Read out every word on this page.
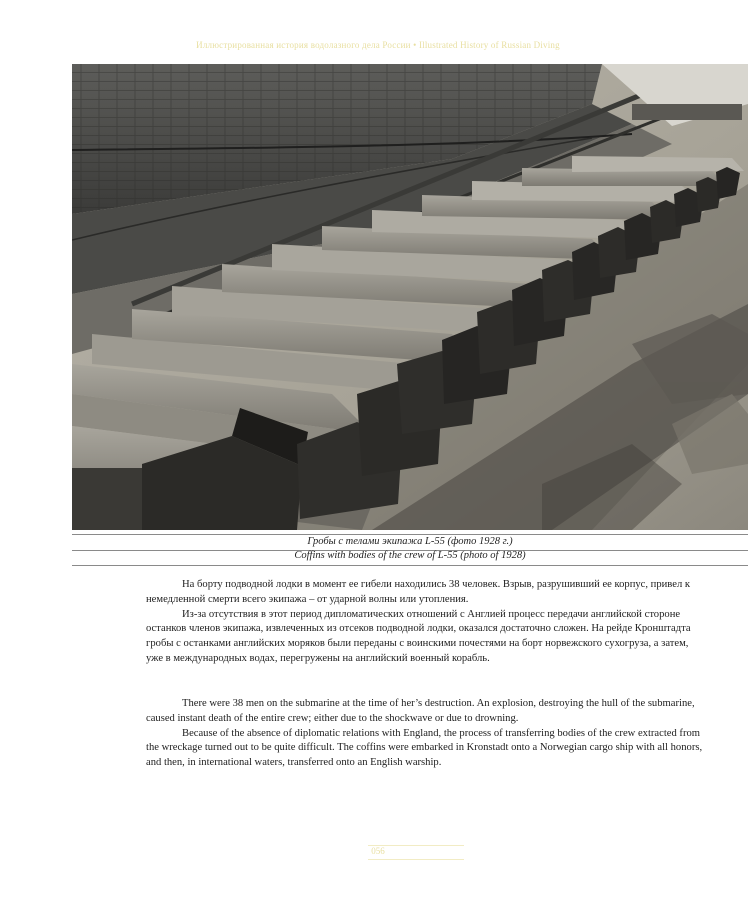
Иллюстрированная история водолазного дела России • Illustrated History of Russian Diving
Гробы с телами экипажа L-55 (фото 1928 г.)
Coffins with bodies of the crew of L-55 (photo of 1928)

На борту подводной лодки в момент ее гибели находились 38 человек. Взрыв, разрушивший ее корпус, привел к немедленной смерти всего экипажа – от ударной волны или утопления.

Из-за отсутствия в этот период дипломатических отношений с Англией процесс передачи английской стороне останков членов экипажа, извлеченных из отсеков подводной лодки, оказался достаточно сложен. На рейде Кронштадта гробы с останками английских моряков были переданы с воинскими почестями на борт норвежского сухогруза, а затем, уже в международных водах, перегружены на английский военный корабль.

There were 38 men on the submarine at the time of her’s destruction. An explosion, destroying the hull of the submarine, caused instant death of the entire crew; either due to the shockwave or due to drowning.

Because of the absence of diplomatic relations with England, the process of transferring bodies of the crew extracted from the wreckage turned out to be quite difficult. The coffins were embarked in Kronstadt onto a Norwegian cargo ship with all honors, and then, in international waters, transferred onto an English warship.

056
